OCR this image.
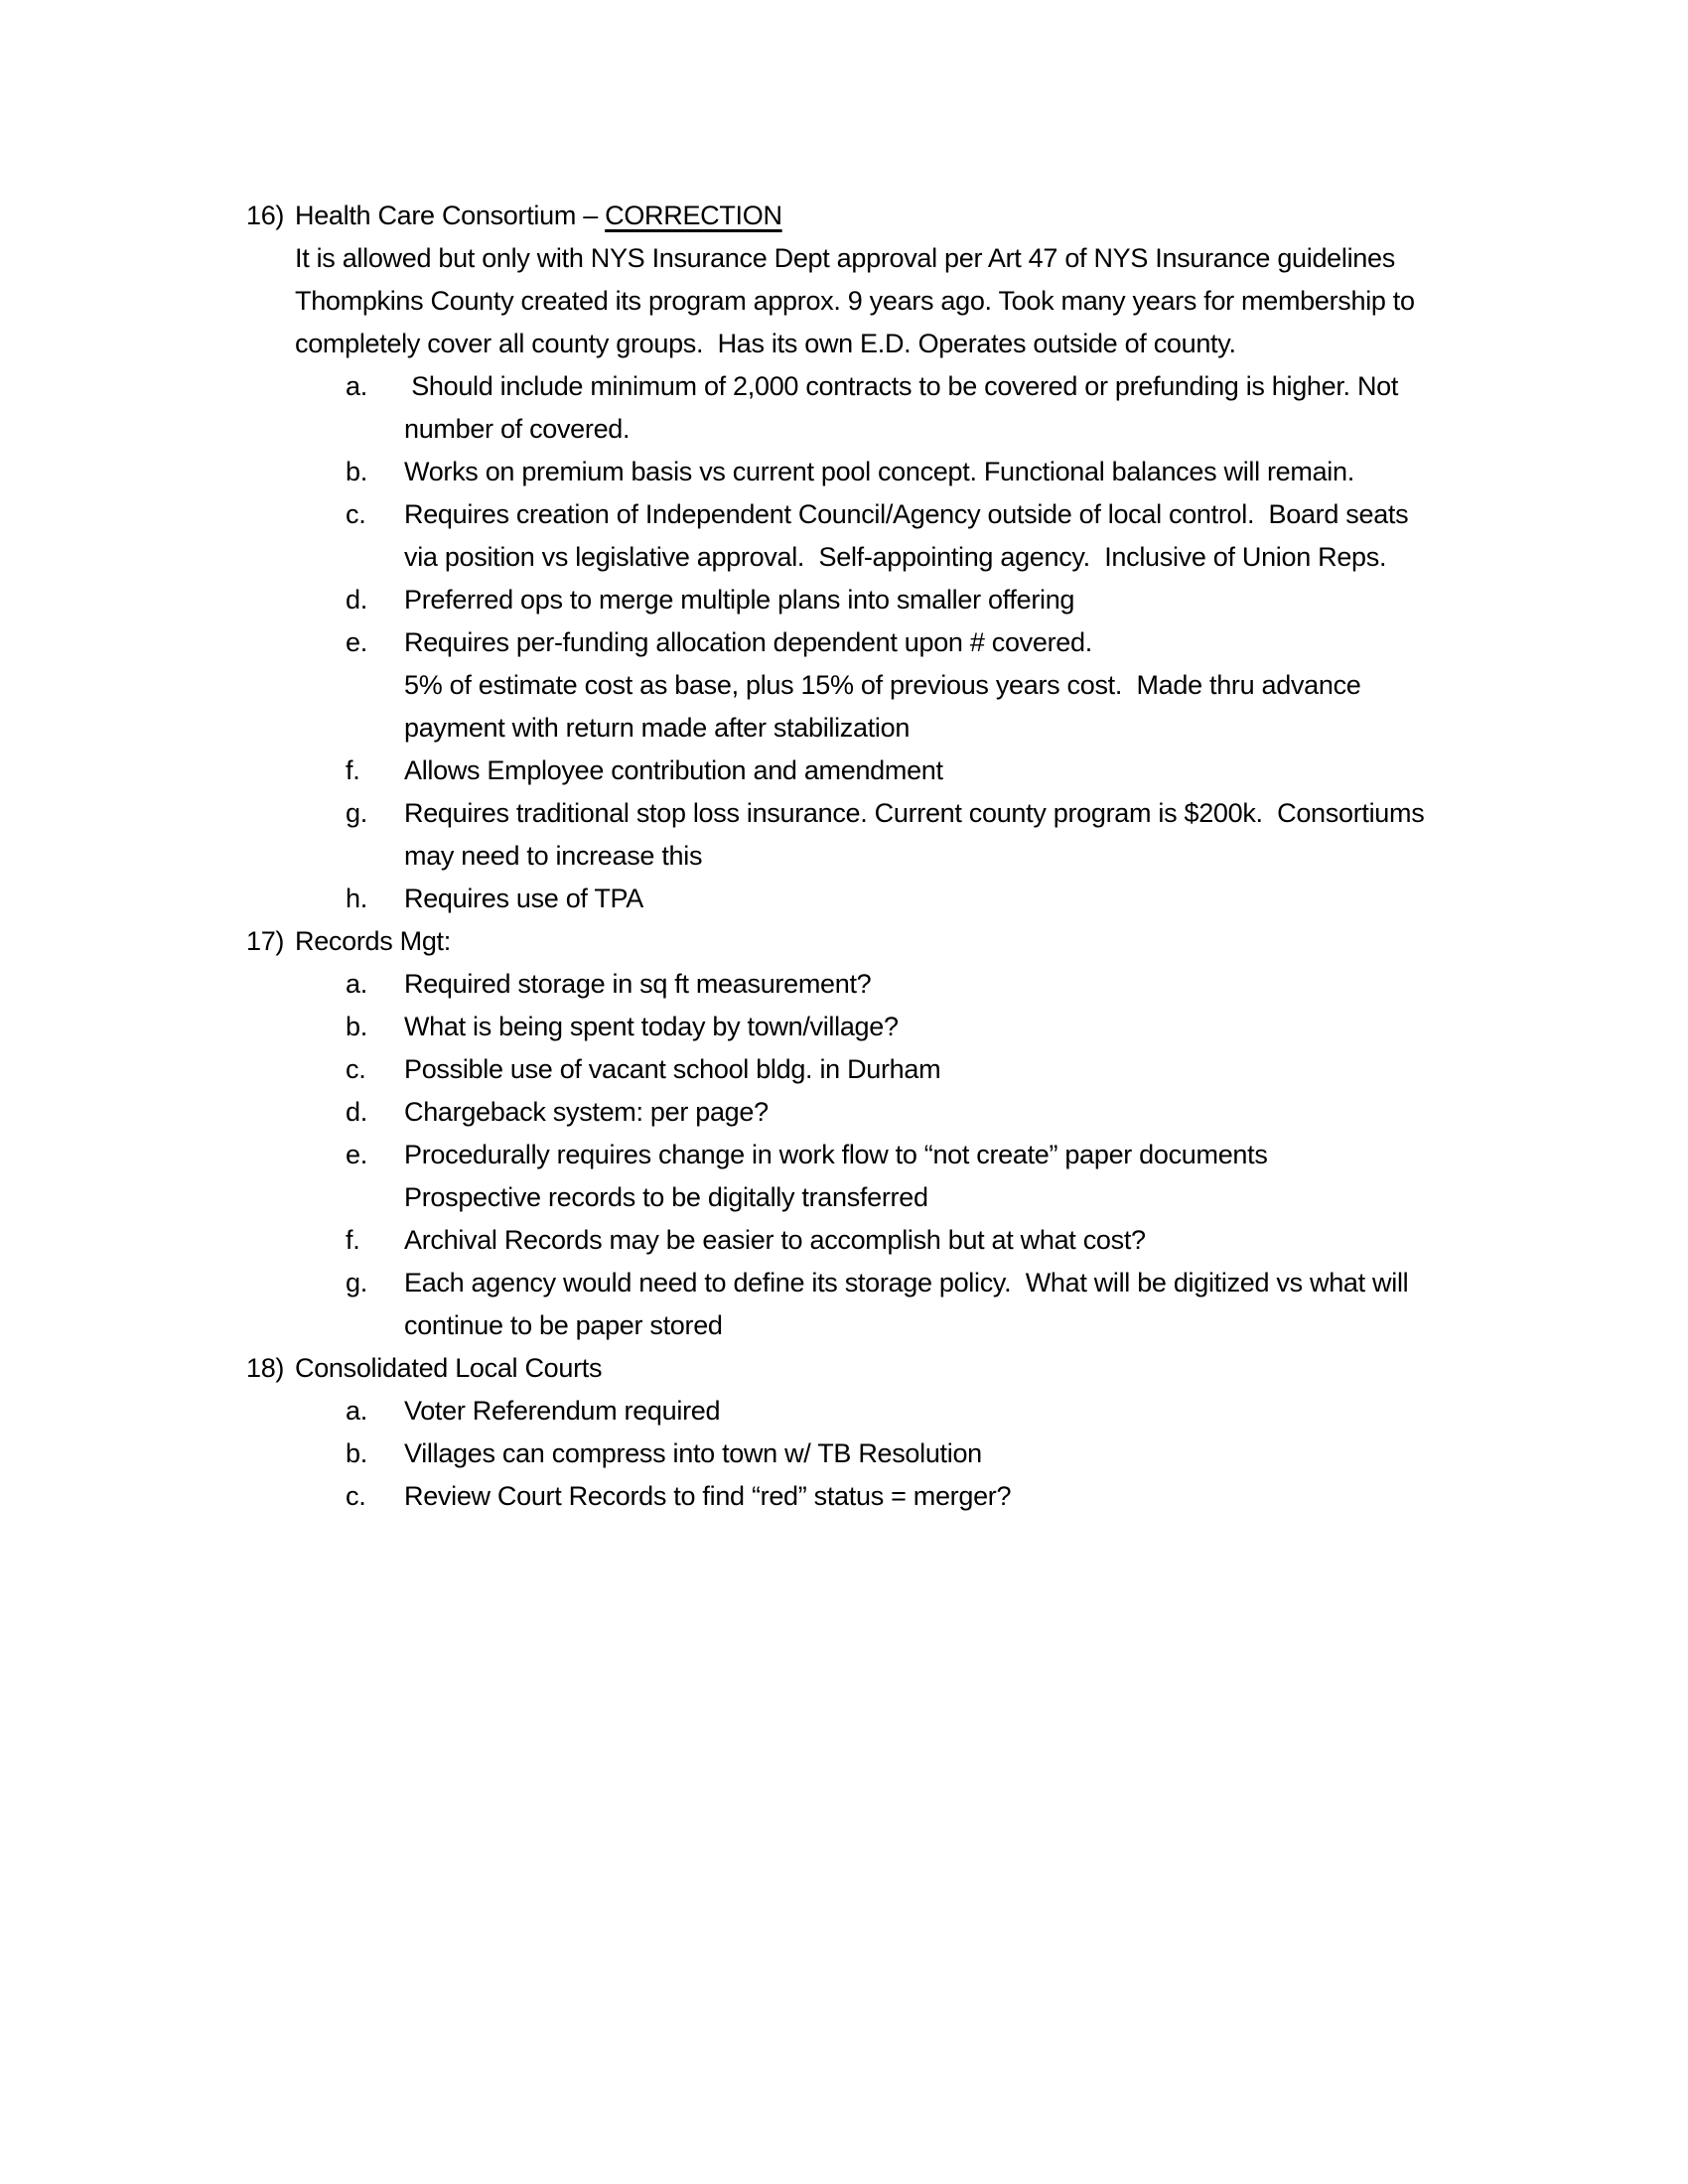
16) Health Care Consortium – CORRECTION
It is allowed but only with NYS Insurance Dept approval per Art 47 of NYS Insurance guidelines
Thompkins County created its program approx. 9 years ago. Took many years for membership to
completely cover all county groups.  Has its own E.D. Operates outside of county.
a.	Should include minimum of 2,000 contracts to be covered or prefunding is higher. Not
number of covered.
b.	Works on premium basis vs current pool concept. Functional balances will remain.
c.	Requires creation of Independent Council/Agency outside of local control.  Board seats
via position vs legislative approval.  Self-appointing agency.  Inclusive of Union Reps.
d.	Preferred ops to merge multiple plans into smaller offering
e.	Requires per-funding allocation dependent upon # covered.
5% of estimate cost as base, plus 15% of previous years cost.  Made thru advance
payment with return made after stabilization
f.	Allows Employee contribution and amendment
g.	Requires traditional stop loss insurance. Current county program is $200k.  Consortiums
may need to increase this
h.	Requires use of TPA
17) Records Mgt:
a.	Required storage in sq ft measurement?
b.	What is being spent today by town/village?
c.	Possible use of vacant school bldg. in Durham
d.	Chargeback system: per page?
e.	Procedurally requires change in work flow to “not create” paper documents
Prospective records to be digitally transferred
f.	Archival Records may be easier to accomplish but at what cost?
g.	Each agency would need to define its storage policy.  What will be digitized vs what will
continue to be paper stored
18) Consolidated Local Courts
a.	Voter Referendum required
b.	Villages can compress into town w/ TB Resolution
c.	Review Court Records to find “red” status = merger?
